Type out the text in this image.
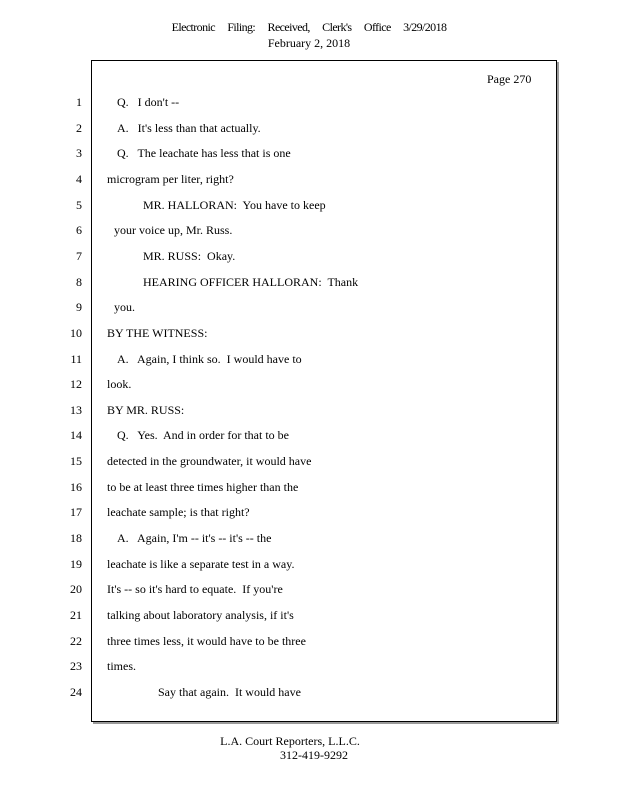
Electronic Filing: Received, Clerk's Office 3/29/2018
February 2, 2018
Page 270
1	Q.   I don't --
2	A.   It's less than that actually.
3	Q.   The leachate has less that is one
4 microgram per liter, right?
5	MR. HALLORAN:  You have to keep
6	your voice up, Mr. Russ.
7	MR. RUSS:  Okay.
8	HEARING OFFICER HALLORAN:  Thank
9	you.
10 BY THE WITNESS:
11	A.   Again, I think so.  I would have to
12 look.
13 BY MR. RUSS:
14	Q.   Yes.  And in order for that to be
15 detected in the groundwater, it would have
16 to be at least three times higher than the
17 leachate sample; is that right?
18	A.   Again, I'm -- it's -- it's -- the
19 leachate is like a separate test in a way.
20 It's -- so it's hard to equate.  If you're
21 talking about laboratory analysis, if it's
22 three times less, it would have to be three
23 times.
24	Say that again.  It would have
L.A. Court Reporters, L.L.C.
312-419-9292
